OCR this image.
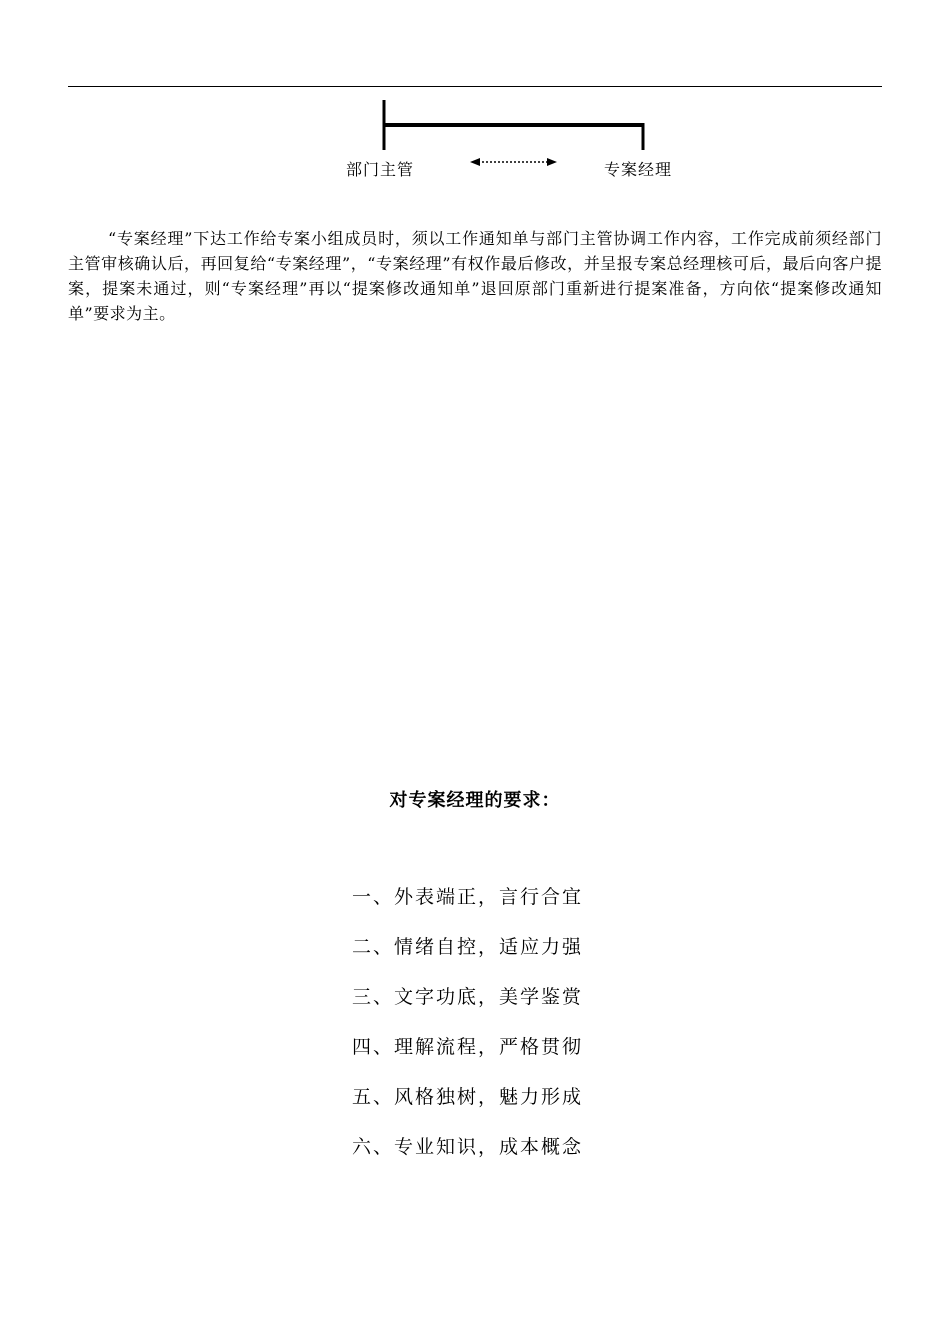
部门主管	专案经理

“专案经理”下达工作给专案小组成员时，须以工作通知单与部门主管协调工作内容，工作完成前须经部门主管审核确认后，再回复给“专案经理”，“专案经理”有权作最后修改，并呈报专案总经理核可后，最后向客户提案，提案未通过，则“专案经理”再以“提案修改通知单”退回原部门重新进行提案准备，方向依“提案修改通知单”要求为主。

对专案经理的要求：
一、外表端正，言行合宜
二、情绪自控，适应力强
三、文字功底，美学鉴赏
四、理解流程，严格贯彻
五、风格独树，魅力形成
六、专业知识，成本概念
